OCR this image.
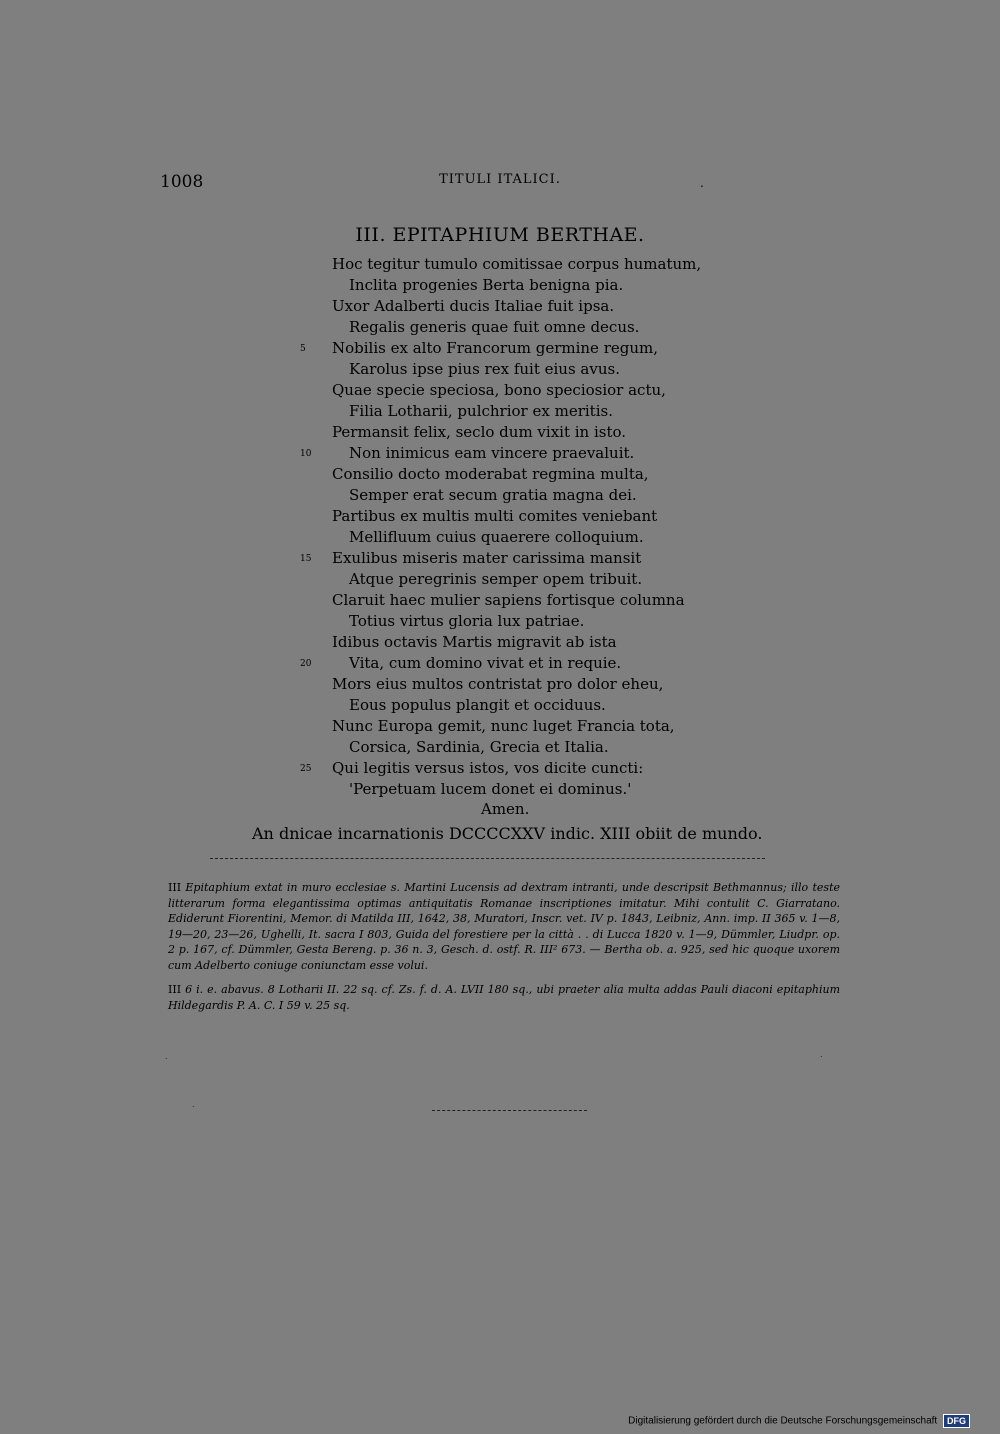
1008	TITULI ITALICI.	.
III. EPITAPHIUM BERTHAE.
Hoc tegitur tumulo comitissae corpus humatum,
Inclita progenies Berta benigna pia.
Uxor Adalberti ducis Italiae fuit ipsa.
Regalis generis quae fuit omne decus.
5 Nobilis ex alto Francorum germine regum,
Karolus ipse pius rex fuit eius avus.
Quae specie speciosa, bono speciosior actu,
Filia Lotharii, pulchrior ex meritis.
Permansit felix, seclo dum vixit in isto.
10	Non inimicus eam vincere praevaluit.
Consilio docto moderabat regmina multa,
Semper erat secum gratia magna dei.
Partibus ex multis multi comites veniebant
Mellifluum cuius quaerere colloquium.
15 Exulibus miseris mater carissima mansit
Atque peregrinis semper opem tribuit.
Claruit haec mulier sapiens fortisque columna
Totius virtus gloria lux patriae.
Idibus octavis Martis migravit ab ista
20	Vita, cum domino vivat et in requie.
Mors eius multos contristat pro dolor eheu,
Eous populus plangit et occiduus.
Nunc Europa gemit, nunc luget Francia tota,
Corsica, Sardinia, Grecia et Italia.
25 Qui legitis versus istos, vos dicite cuncti:
'Perpetuam lucem donet ei dominus.'
Amen.
An dnicae incarnationis DCCCCXXV indic. XIII obiit de mundo.

III Epitaphium extat in muro ecclesiae s. Martini Lucensis ad dextram intranti, unde descripsit Bethmannus; illo teste litterarum forma elegantissima optimas antiquitatis Romanae inscriptiones imitatur. Mihi contulit C. Giarratano. Ediderunt Fiorentini, Memor. di Matilda III, 1642, 38, Muratori, Inscr. vet. IV p. 1843, Leibniz, Ann. imp. II 365 v. 1—8, 19—20, 23—26, Ughelli, It. sacra I 803, Guida del forestiere per la città . . di Lucca 1820 v. 1—9, Dümmler, Liudpr. op. 2 p. 167, cf. Dümmler, Gesta Bereng. p. 36 n. 3, Gesch. d. ostf. R. III² 673. — Bertha ob. a. 925, sed hic quoque uxorem cum Adelberto coniuge coniunctam esse volui.

III 6 i. e. abavus. 8 Lotharii II. 22 sq. cf. Zs. f. d. A. LVII 180 sq., ubi praeter alia multa addas Pauli diaconi epitaphium Hildegardis P. A. C. I 59 v. 25 sq.

.
.
.
Digitalisierung gefördert durch die Deutsche Forschungsgemeinschaft DFG
